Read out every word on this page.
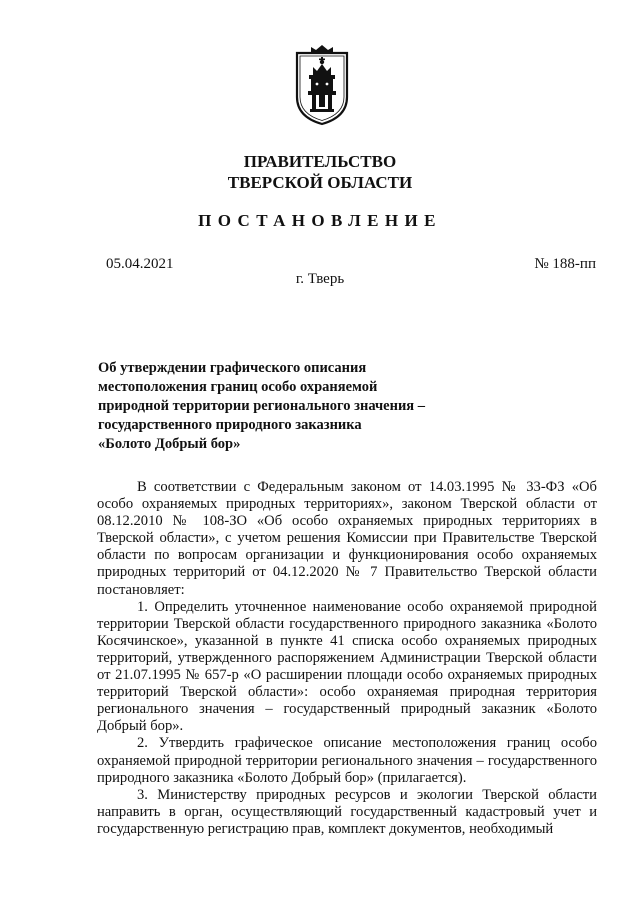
ПРАВИТЕЛЬСТВО
ТВЕРСКОЙ ОБЛАСТИ
ПОСТАНОВЛЕНИЕ
05.04.2021	№ 188-пп
г. Тверь
Об утверждении графического описания
местоположения границ особо охраняемой
природной территории регионального значения –
государственного природного заказника
«Болото Добрый бор»

В соответствии с Федеральным законом от 14.03.1995 № 33-ФЗ «Об особо охраняемых природных территориях», законом Тверской области от 08.12.2010 № 108-ЗО «Об особо охраняемых природных территориях в Тверской области», с учетом решения Комиссии при Правительстве Тверской области по вопросам организации и функционирования особо охраняемых природных территорий от 04.12.2020 № 7 Правительство Тверской области постановляет:

1. Определить уточненное наименование особо охраняемой природной территории Тверской области государственного природного заказника «Болото Косячинское», указанной в пункте 41 списка особо охраняемых природных территорий, утвержденного распоряжением Администрации Тверской области от 21.07.1995 № 657-р «О расширении площади особо охраняемых природных территорий Тверской области»: особо охраняемая природная территория регионального значения – государственный природный заказник «Болото Добрый бор».

2. Утвердить графическое описание местоположения границ особо охраняемой природной территории регионального значения – государственного природного заказника «Болото Добрый бор» (прилагается).

3. Министерству природных ресурсов и экологии Тверской области направить в орган, осуществляющий государственный кадастровый учет и государственную регистрацию прав, комплект документов, необходимый
